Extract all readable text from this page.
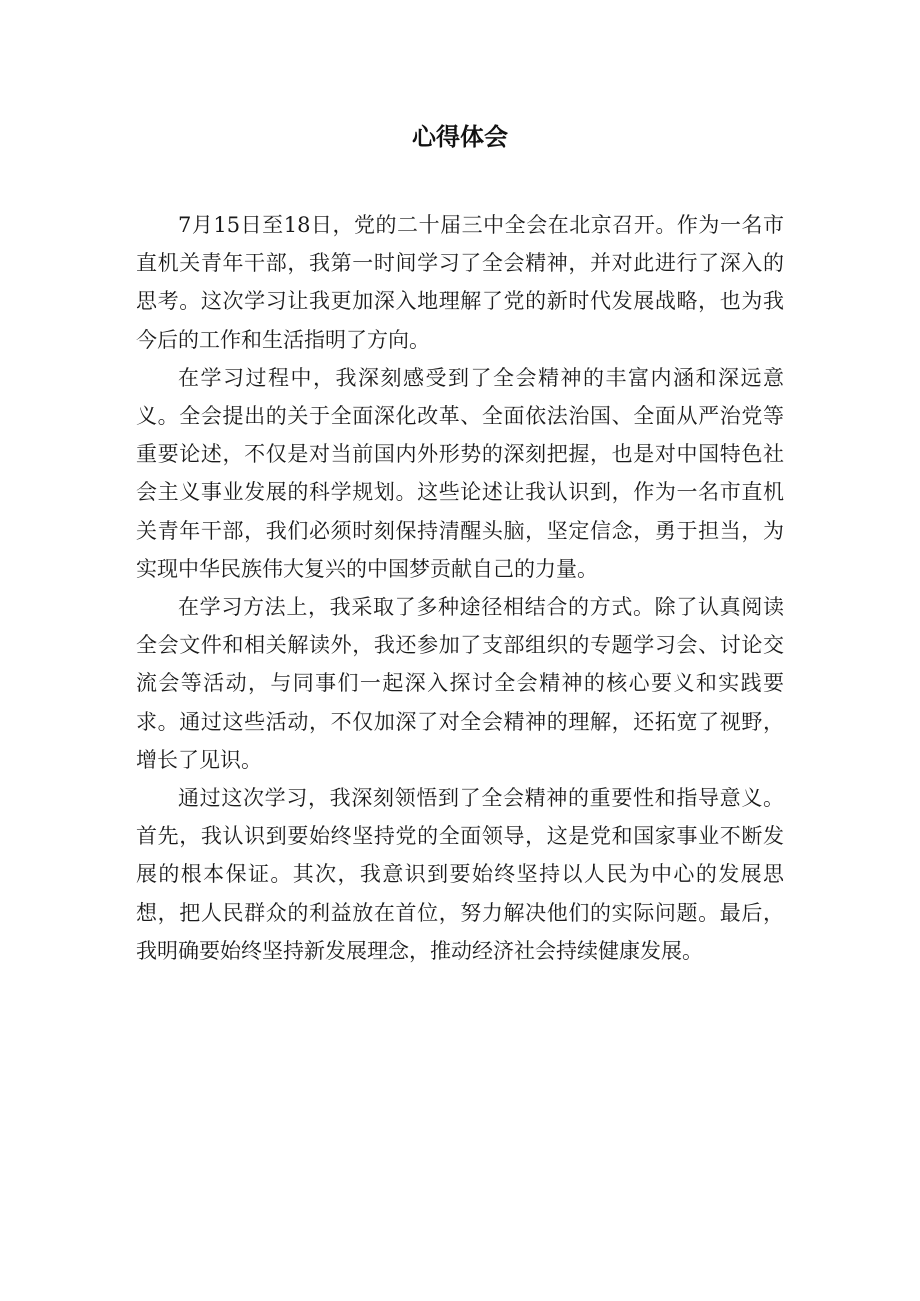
心得体会

7月15日至18日，党的二十届三中全会在北京召开。作为一名市直机关青年干部，我第一时间学习了全会精神，并对此进行了深入的思考。这次学习让我更加深入地理解了党的新时代发展战略，也为我今后的工作和生活指明了方向。

在学习过程中，我深刻感受到了全会精神的丰富内涵和深远意义。全会提出的关于全面深化改革、全面依法治国、全面从严治党等重要论述，不仅是对当前国内外形势的深刻把握，也是对中国特色社会主义事业发展的科学规划。这些论述让我认识到，作为一名市直机关青年干部，我们必须时刻保持清醒头脑，坚定信念，勇于担当，为实现中华民族伟大复兴的中国梦贡献自己的力量。

在学习方法上，我采取了多种途径相结合的方式。除了认真阅读全会文件和相关解读外，我还参加了支部组织的专题学习会、讨论交流会等活动，与同事们一起深入探讨全会精神的核心要义和实践要求。通过这些活动，不仅加深了对全会精神的理解，还拓宽了视野，增长了见识。

通过这次学习，我深刻领悟到了全会精神的重要性和指导意义。首先，我认识到要始终坚持党的全面领导，这是党和国家事业不断发展的根本保证。其次，我意识到要始终坚持以人民为中心的发展思想，把人民群众的利益放在首位，努力解决他们的实际问题。最后，我明确要始终坚持新发展理念，推动经济社会持续健康发展。
